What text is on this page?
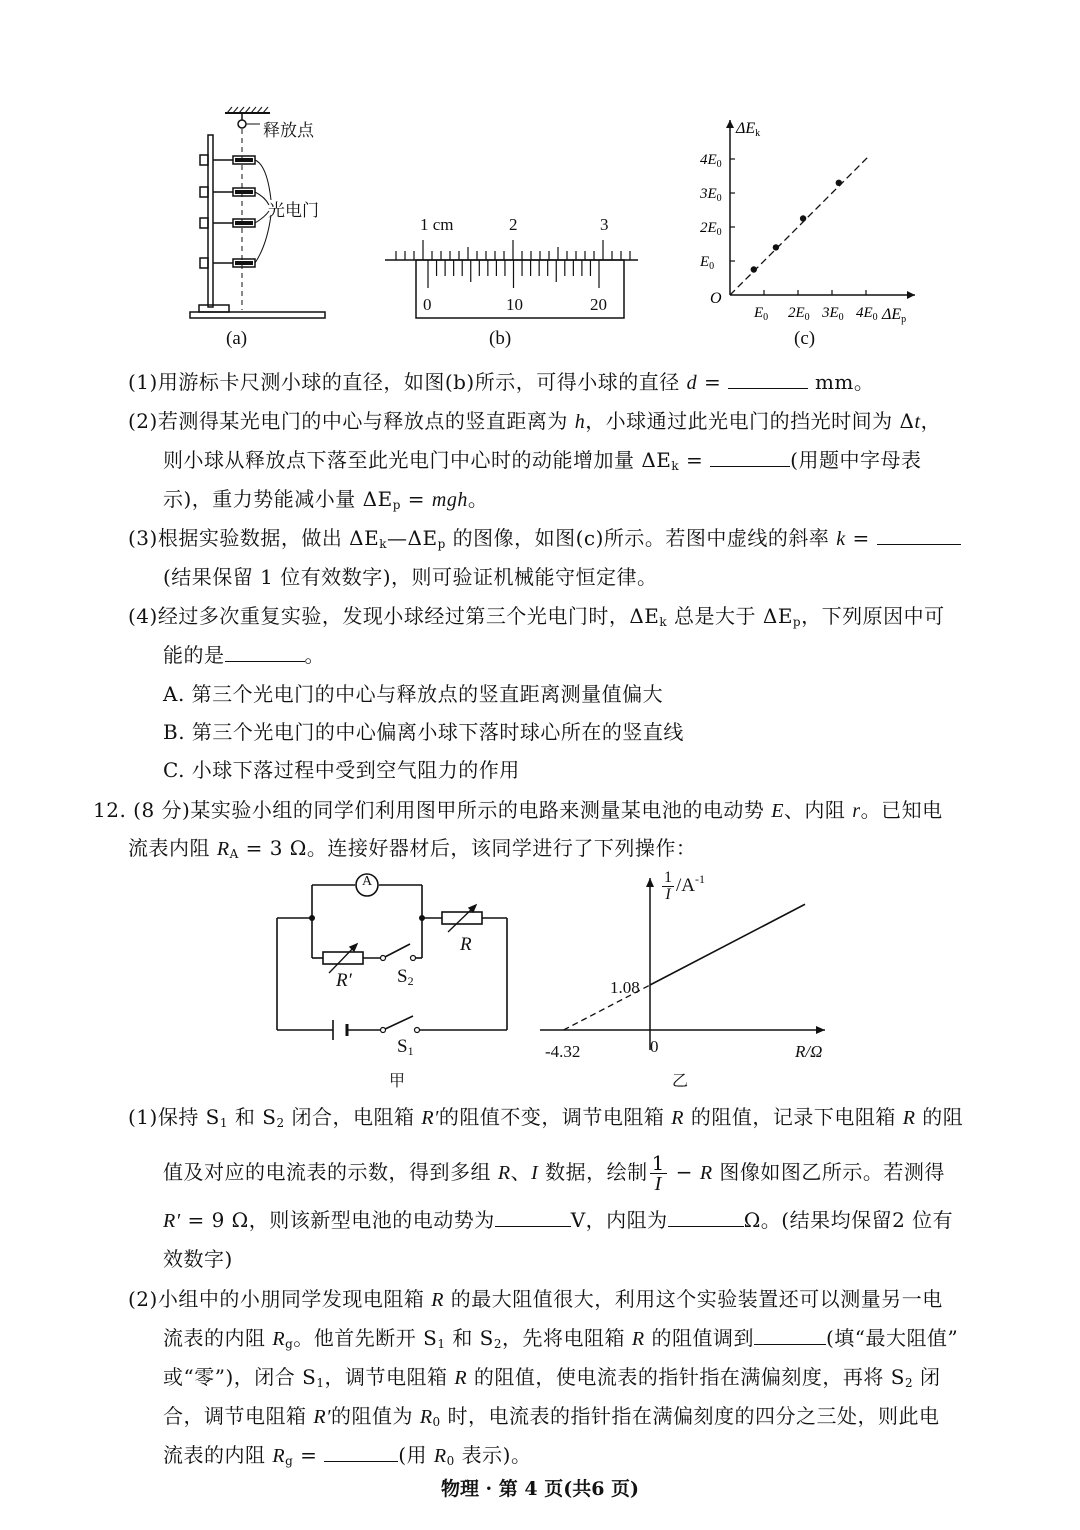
释放点
光电门
(a)
1 cm	2	3
0	10	20
(b)
$E_0$ $2E_0$ $3E_0$ $4E_0$
$4E_0$
$3E_0$
$2E_0$
$E_0$
O
ΔEk
ΔEp
(c)
(1)用游标卡尺测小球的直径，如图(b)所示，可得小球的直径 d =	mm。
(2)若测得某光电门的中心与释放点的竖直距离为 h，小球通过此光电门的挡光时间为 Δt，
则小球从释放点下落至此光电门中心时的动能增加量 $\Delta E_k$ =	(用题中字母表
示)，重力势能减小量 $\Delta E_p$ = mgh。
(3)根据实验数据，做出 $\Delta E_k—\Delta E_p$ 的图像，如图(c)所示。若图中虚线的斜率 k =
(结果保留 1 位有效数字)，则可验证机械能守恒定律。
(4)经过多次重复实验，发现小球经过第三个光电门时，$\Delta E_k$ 总是大于 $\Delta E_p$，下列原因中可
能的是	。
A. 第三个光电门的中心与释放点的竖直距离测量值偏大
B. 第三个光电门的中心偏离小球下落时球心所在的竖直线
C. 小球下落过程中受到空气阻力的作用
12. (8 分)某实验小组的同学们利用图甲所示的电路来测量某电池的电动势 E、内阻 r。已知电
流表内阻 $R_A = 3$ Ω。连接好器材后，该同学进行了下列操作：
A
R
R′ $S_2$
$S_1$
甲
$\frac{1}{I} /A^{-1}$
1.08
-4.32	0	R/Ω
乙
(1)保持 $S_1$ 和 $S_2$ 闭合，电阻箱 R′的阻值不变，调节电阻箱 R 的阻值，记录下电阻箱 R 的阻
值及对应的电流表的示数，得到多组 R、I 数据，绘制 $\frac{1}{I} - R$ 图像如图乙所示。若测得
R′ = 9 Ω，则该新型电池的电动势为	V，内阻为	Ω。(结果均保留2 位有
效数字)
(2)小组中的小朋同学发现电阻箱 R 的最大阻值很大，利用这个实验装置还可以测量另一电
流表的内阻 $R_g$。他首先断开 $S_1$ 和 $S_2$，先将电阻箱 R 的阻值调到	(填“最大阻值”
或“零”)，闭合 $S_1$，调节电阻箱 R 的阻值，使电流表的指针指在满偏刻度，再将 $S_2$ 闭
合，调节电阻箱 R′的阻值为 $R_0$ 时，电流表的指针指在满偏刻度的四分之三处，则此电
流表的内阻 $R_g$ =	(用 $R_0$ 表示)。
物理 · 第 4 页(共6 页)
